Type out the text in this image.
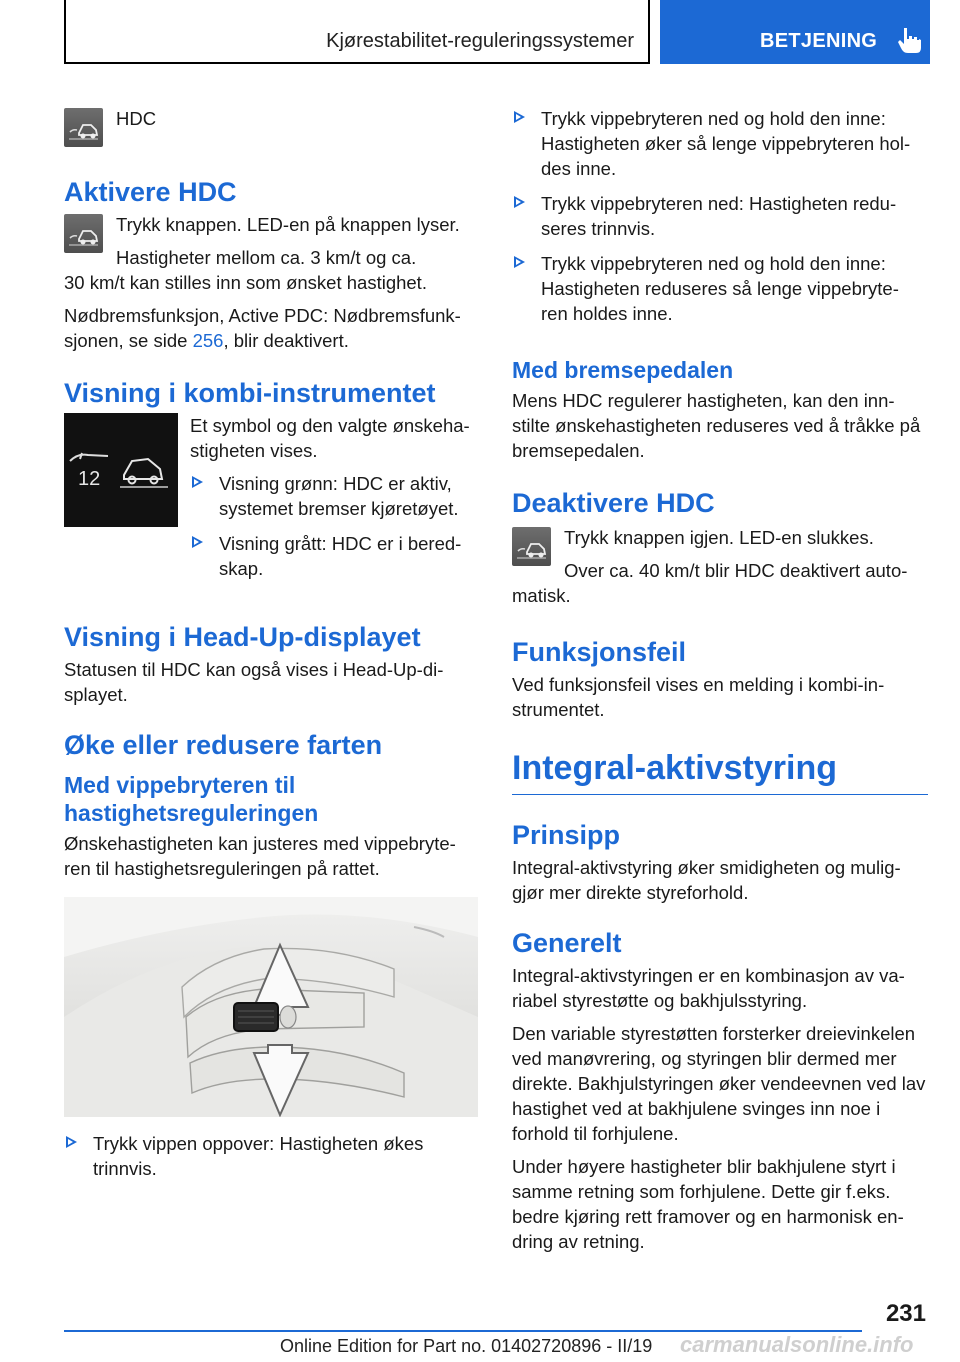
Kjørestabilitet-reguleringssystemer	BETJENING

HDC

Aktivere HDC

Trykk knappen. LED-en på knappen lyser.

Hastigheter mellom ca. 3 km/t og ca.

30 km/t kan stilles inn som ønsket hastighet.

Nødbremsfunksjon, Active PDC: Nødbremsfunk‐ sjonen, se side 256, blir deaktivert.

Visning i kombi-instrumentet
12

Et symbol og den valgte ønskeha‐ stigheten vises.

Visning grønn: HDC er aktiv, systemet bremser kjøretøyet.
Visning grått: HDC er i bered‐ skap.
Visning i Head-Up-displayet

Statusen til HDC kan også vises i Head-Up-di‐ splayet.

Øke eller redusere farten
Med vippebryteren til hastighetsreguleringen

Ønskehastigheten kan justeres med vippebryte‐ ren til hastighetsreguleringen på rattet.

Trykk vippen oppover: Hastigheten økes trinnvis.
Trykk vippebryteren ned og hold den inne: Hastigheten øker så lenge vippebryteren hol‐ des inne.
Trykk vippebryteren ned: Hastigheten redu‐ seres trinnvis.
Trykk vippebryteren ned og hold den inne: Hastigheten reduseres så lenge vippebryte‐ ren holdes inne.
Med bremsepedalen

Mens HDC regulerer hastigheten, kan den inn‐ stilte ønskehastigheten reduseres ved å tråkke på bremsepedalen.

Deaktivere HDC

Trykk knappen igjen. LED-en slukkes.

Over ca. 40 km/t blir HDC deaktivert auto‐

matisk.

Funksjonsfeil

Ved funksjonsfeil vises en melding i kombi-in‐ strumentet.

Integral-aktivstyring
Prinsipp

Integral-aktivstyring øker smidigheten og mulig‐ gjør mer direkte styreforhold.

Generelt

Integral-aktivstyringen er en kombinasjon av va‐ riabel styrestøtte og bakhjulsstyring.

Den variable styrestøtten forsterker dreievinkelen ved manøvrering, og styringen blir dermed mer direkte. Bakhjulstyringen øker vendeevnen ved lav hastighet ved at bakhjulene svinges inn noe i forhold til forhjulene.

Under høyere hastigheter blir bakhjulene styrt i samme retning som forhjulene. Dette gir f.eks. bedre kjøring rett framover og en harmonisk en‐ dring av retning.

231
carmanualsonline.info
Online Edition for Part no. 01402720896 - II/19
